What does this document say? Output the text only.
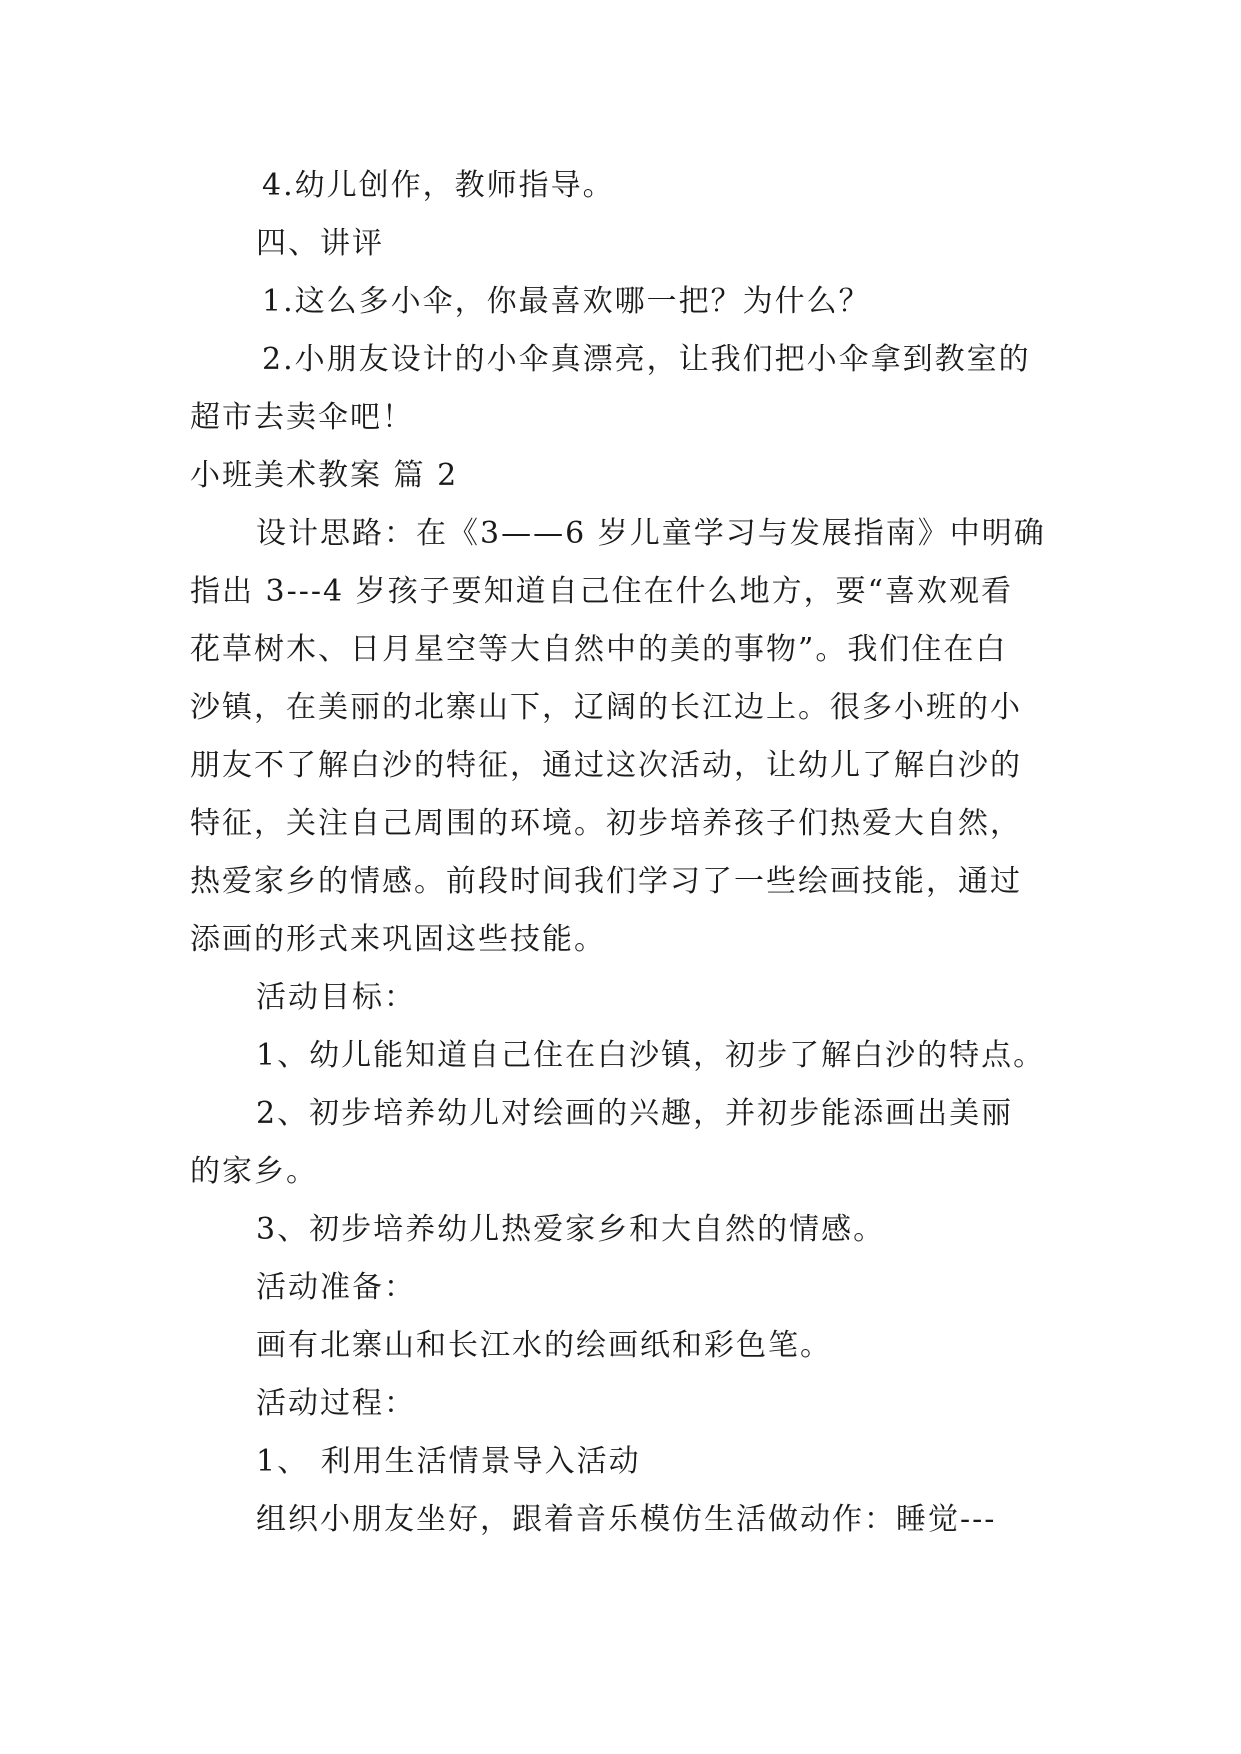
4.幼儿创作，教师指导。
四、讲评
1.这么多小伞，你最喜欢哪一把？为什么？
2.小朋友设计的小伞真漂亮，让我们把小伞拿到教室的
超市去卖伞吧！
小班美术教案 篇 2
设计思路：在《3——6 岁儿童学习与发展指南》中明确
指出 3---4 岁孩子要知道自己住在什么地方，要“喜欢观看
花草树木、日月星空等大自然中的美的事物”。我们住在白
沙镇，在美丽的北寨山下，辽阔的长江边上。很多小班的小
朋友不了解白沙的特征，通过这次活动，让幼儿了解白沙的
特征，关注自己周围的环境。初步培养孩子们热爱大自然，
热爱家乡的情感。前段时间我们学习了一些绘画技能，通过
添画的形式来巩固这些技能。
活动目标：
1、幼儿能知道自己住在白沙镇，初步了解白沙的特点。
2、初步培养幼儿对绘画的兴趣，并初步能添画出美丽
的家乡。
3、初步培养幼儿热爱家乡和大自然的情感。
活动准备：
画有北寨山和长江水的绘画纸和彩色笔。
活动过程：
1、 利用生活情景导入活动
组织小朋友坐好，跟着音乐模仿生活做动作：睡觉---
